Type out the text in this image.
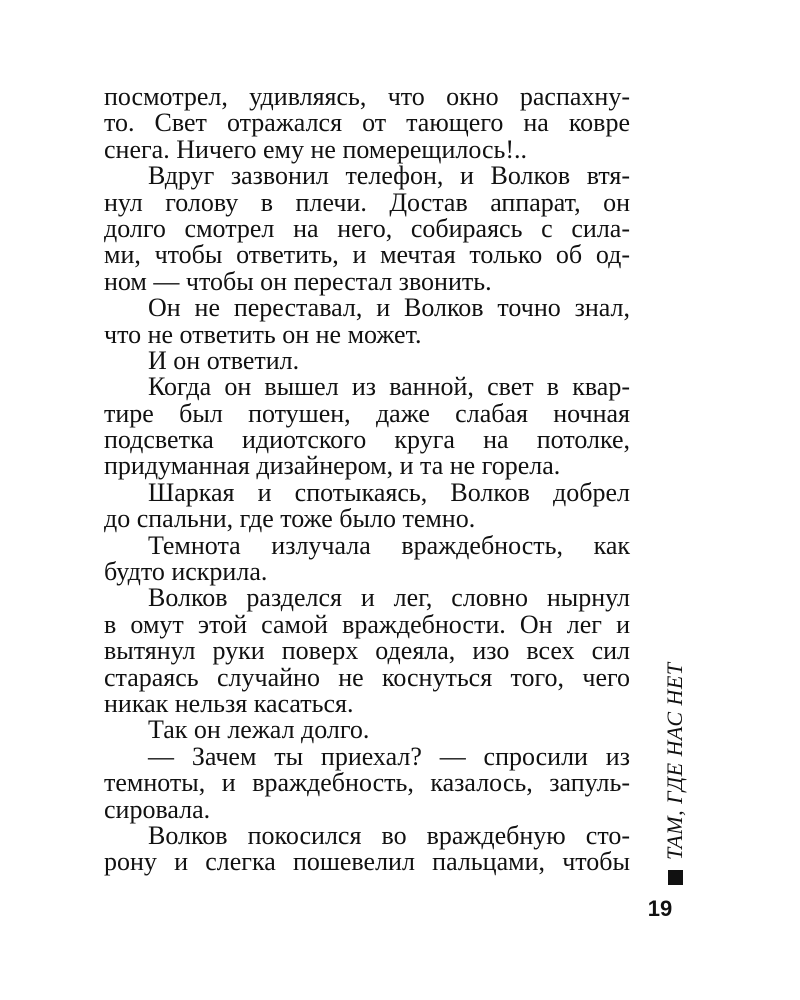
посмотрел, удивляясь, что окно распахну-
то. Свет отражался от тающего на ковре
снега. Ничего ему не померещилось!..
Вдруг зазвонил телефон, и Волков втя-
нул голову в плечи. Достав аппарат, он
долго смотрел на него, собираясь с сила-
ми, чтобы ответить, и мечтая только об од-
ном — чтобы он перестал звонить.
Он не переставал, и Волков точно знал,
что не ответить он не может.
И он ответил.
Когда он вышел из ванной, свет в квар-
тире был потушен, даже слабая ночная
подсветка идиотского круга на потолке,
придуманная дизайнером, и та не горела.
Шаркая и спотыкаясь, Волков добрел
до спальни, где тоже было темно.
Темнота излучала враждебность, как
будто искрила.
Волков разделся и лег, словно нырнул
в омут этой самой враждебности. Он лег и
вытянул руки поверх одеяла, изо всех сил
стараясь случайно не коснуться того, чего
никак нельзя касаться.
Так он лежал долго.
— Зачем ты приехал? — спросили из
темноты, и враждебность, казалось, запуль-
сировала.
Волков покосился во враждебную сто-
рону и слегка пошевелил пальцами, чтобы
ТАМ, ГДЕ НАС НЕТ
19
